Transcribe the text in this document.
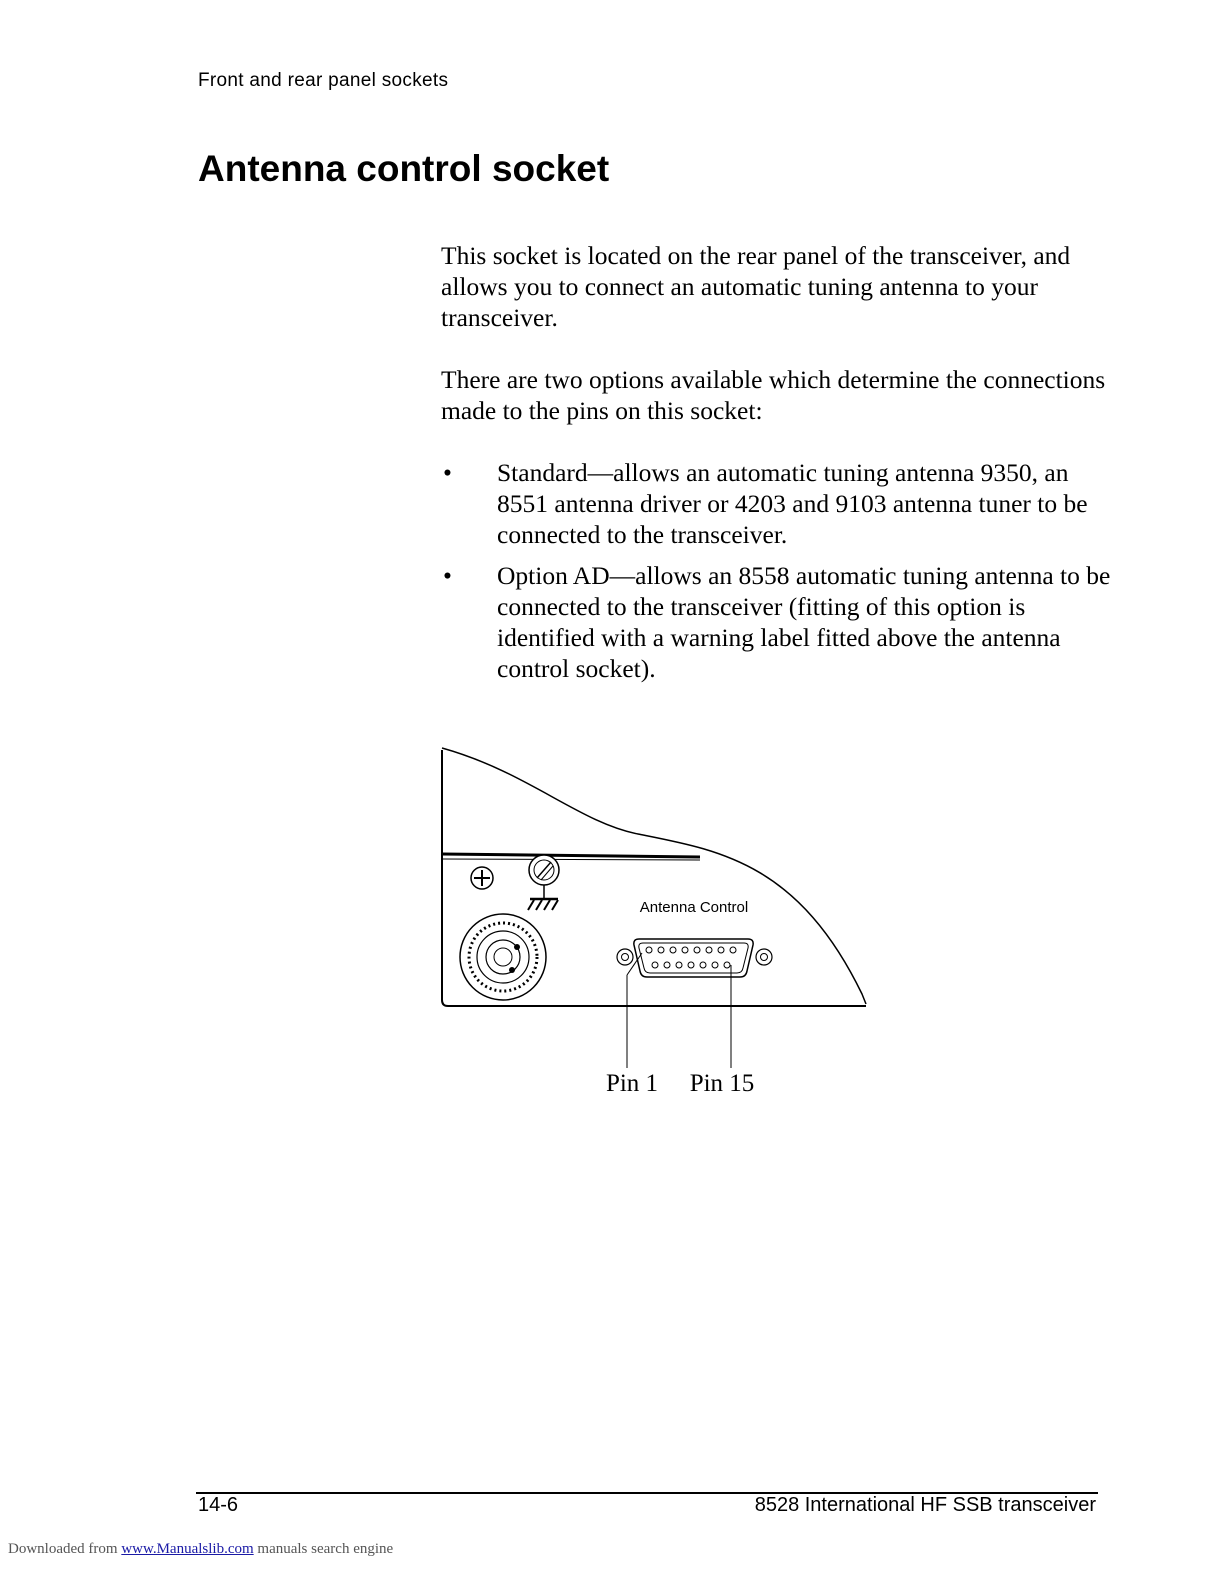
Front and rear panel sockets
Antenna control socket

This socket is located on the rear panel of the transceiver, and allows you to connect an automatic tuning antenna to your transceiver.

There are two options available which determine the connections made to the pins on this socket:

• Standard—allows an automatic tuning antenna 9350, an 8551 antenna driver or 4203 and 9103 antenna tuner to be connected to the transceiver.
• Option AD—allows an 8558 automatic tuning antenna to be connected to the transceiver (fitting of this option is identified with a warning label fitted above the antenna control socket).
Antenna Control
Pin 1 Pin 15
14-6	8528 International HF SSB transceiver
Downloaded from www.Manualslib.com manuals search engine
